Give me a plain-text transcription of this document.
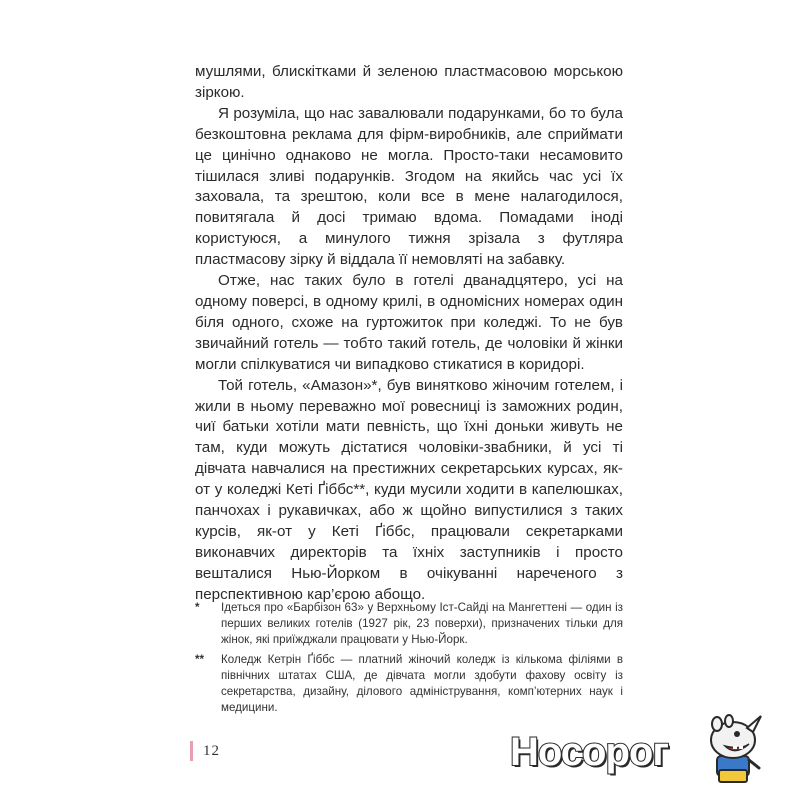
мушлями, блискітками й зеленою пластмасовою морською зіркою.

Я розуміла, що нас завалювали подарунками, бо то була безкоштовна реклама для фірм-виробників, але сприймати це цинічно однаково не могла. Просто-таки несамовито тішилася зливі подарунків. Згодом на якийсь час усі їх заховала, та зрештою, коли все в мене налагодилося, повитягала й досі тримаю вдома. Помадами іноді користуюся, а минулого тижня зрізала з футляра пластмасову зірку й віддала її немовляті на забавку.

Отже, нас таких було в готелі дванадцятеро, усі на одному поверсі, в одному крилі, в одномісних номерах один біля одного, схоже на гуртожиток при коледжі. То не був звичайний готель — тобто такий готель, де чоловіки й жінки могли спілкуватися чи випадково стикатися в коридорі.

Той готель, «Амазон»*, був винятково жіночим готелем, і жили в ньому переважно мої ровесниці із заможних родин, чиї батьки хотіли мати певність, що їхні доньки живуть не там, куди можуть дістатися чоловіки-звабники, й усі ті дівчата навчалися на престижних секретарських курсах, як-от у коледжі Кеті Ґіббс**, куди мусили ходити в капелюшках, панчохах і рукавичках, або ж щойно випустилися з таких курсів, як-от у Кеті Ґіббс, працювали секретарками виконавчих директорів та їхніх заступників і просто вешталися Нью-Йорком в очікуванні нареченого з перспективною кар’єрою абощо.

*	Ідеться про «Барбізон 63» у Верхньому Іст-Сайді на Мангеттені — один із перших великих готелів (1927 рік, 23 поверхи), призначених тільки для жінок, які приїжджали працювати у Нью-Йорк.
**	Коледж Кетрін Ґіббс — платний жіночий коледж із кількома філіями в північних штатах США, де дівчата могли здобути фахову освіту із секретарства, дизайну, ділового адміністрування, комп’ютерних наук і медицини.
12	Носорог
